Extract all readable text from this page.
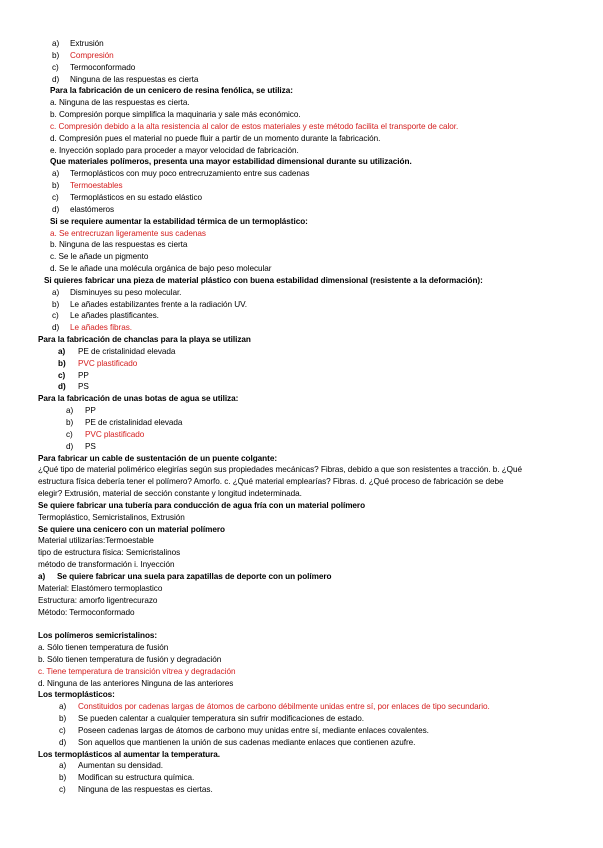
a) Extrusión
b) Compresión
c) Termoconformado
d) Ninguna de las respuestas es cierta
Para la fabricación de un cenicero de resina fenólica, se utiliza:
a. Ninguna de las respuestas es cierta.
b. Compresión porque simplifica la maquinaria y sale más económico.
c. Compresión debido a la alta resistencia al calor de estos materiales y este método facilita el transporte de calor.
d. Compresión pues el material no puede fluir a partir de un momento durante la fabricación.
e. Inyección soplado para proceder a mayor velocidad de fabricación.
Que materiales polímeros, presenta una mayor estabilidad dimensional durante su utilización.
a) Termoplásticos con muy poco entrecruzamiento entre sus cadenas
b) Termoestables
c) Termoplásticos en su estado elástico
d) elastómeros
Si se requiere aumentar la estabilidad térmica de un termoplástico:
a. Se entrecruzan ligeramente sus cadenas
b. Ninguna de las respuestas es cierta
c. Se le añade un pigmento
d. Se le añade una molécula orgánica de bajo peso molecular
Si quieres fabricar una pieza de material plástico con buena estabilidad dimensional (resistente a la deformación):
a) Disminuyes su peso molecular.
b) Le añades estabilizantes frente a la radiación UV.
c) Le añades plastificantes.
d) Le añades fibras.
Para la fabricación de chanclas para la playa se utilizan
a) PE de cristalinidad elevada
b) PVC plastificado
c) PP
d) PS
Para la fabricación de unas botas de agua se utiliza:
a) PP
b) PE de cristalinidad elevada
c) PVC plastificado
d) PS
Para fabricar un cable de sustentación de un puente colgante:
¿Qué tipo de material polimérico elegirías según sus propiedades mecánicas? Fibras, debido a que son resistentes a tracción. b. ¿Qué
estructura física debería tener el polímero? Amorfo. c. ¿Qué material emplearías? Fibras. d. ¿Qué proceso de fabricación se debe
elegir? Extrusión, material de sección constante y longitud indeterminada.
Se quiere fabricar una tubería para conducción de agua fría con un material polímero
Termoplástico, Semicristalinos, Extrusión
Se quiere una cenicero con un material polímero
Material utilizarías:Termoestable
tipo de estructura física: Semicristalinos
método de transformación i. Inyección
a) Se quiere fabricar una suela para zapatillas de deporte con un polímero
Material: Elastómero termoplastico
Estructura: amorfo ligentrecurazo
Método: Termoconformado
Los polímeros semicristalinos:
a. Sólo tienen temperatura de fusión
b. Sólo tienen temperatura de fusión y degradación
c. Tiene temperatura de transición vítrea y degradación
d. Ninguna de las anteriores Ninguna de las anteriores
Los termoplásticos:
a) Constituidos por cadenas largas de átomos de carbono débilmente unidas entre sí, por enlaces de tipo secundario.
b) Se pueden calentar a cualquier temperatura sin sufrir modificaciones de estado.
c) Poseen cadenas largas de átomos de carbono muy unidas entre sí, mediante enlaces covalentes.
d) Son aquellos que mantienen la unión de sus cadenas mediante enlaces que contienen azufre.
Los termoplásticos al aumentar la temperatura.
a) Aumentan su densidad.
b) Modifican su estructura química.
c) Ninguna de las respuestas es ciertas.
